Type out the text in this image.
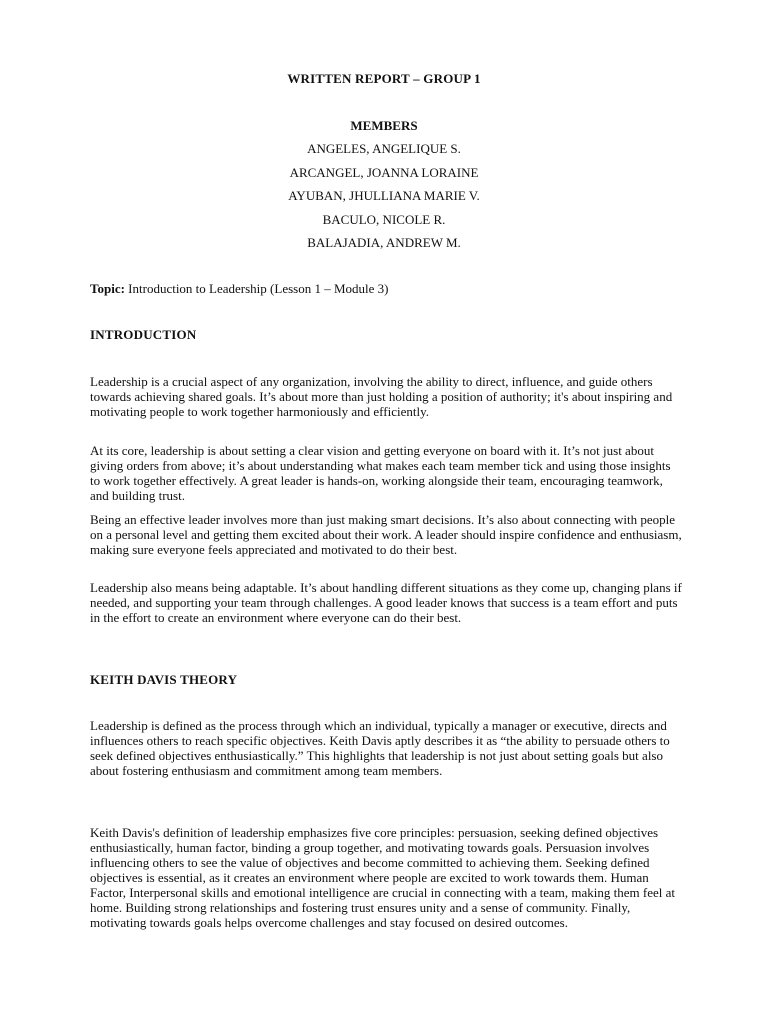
WRITTEN REPORT – GROUP 1
MEMBERS
ANGELES, ANGELIQUE S.
ARCANGEL, JOANNA LORAINE
AYUBAN, JHULLIANA MARIE V.
BACULO, NICOLE R.
BALAJADIA, ANDREW M.
Topic: Introduction to Leadership (Lesson 1 – Module 3)
INTRODUCTION

Leadership is a crucial aspect of any organization, involving the ability to direct, influence, and guide others towards achieving shared goals. It’s about more than just holding a position of authority; it's about inspiring and motivating people to work together harmoniously and efficiently.

At its core, leadership is about setting a clear vision and getting everyone on board with it. It’s not just about giving orders from above; it’s about understanding what makes each team member tick and using those insights to work together effectively. A great leader is hands-on, working alongside their team, encouraging teamwork, and building trust.

Being an effective leader involves more than just making smart decisions. It’s also about connecting with people on a personal level and getting them excited about their work. A leader should inspire confidence and enthusiasm, making sure everyone feels appreciated and motivated to do their best.

Leadership also means being adaptable. It’s about handling different situations as they come up, changing plans if needed, and supporting your team through challenges. A good leader knows that success is a team effort and puts in the effort to create an environment where everyone can do their best.

KEITH DAVIS THEORY

Leadership is defined as the process through which an individual, typically a manager or executive, directs and influences others to reach specific objectives. Keith Davis aptly describes it as “the ability to persuade others to seek defined objectives enthusiastically.” This highlights that leadership is not just about setting goals but also about fostering enthusiasm and commitment among team members.

Keith Davis's definition of leadership emphasizes five core principles: persuasion, seeking defined objectives enthusiastically, human factor, binding a group together, and motivating towards goals. Persuasion involves influencing others to see the value of objectives and become committed to achieving them. Seeking defined objectives is essential, as it creates an environment where people are excited to work towards them. Human Factor, Interpersonal skills and emotional intelligence are crucial in connecting with a team, making them feel at home. Building strong relationships and fostering trust ensures unity and a sense of community. Finally, motivating towards goals helps overcome challenges and stay focused on desired outcomes.
